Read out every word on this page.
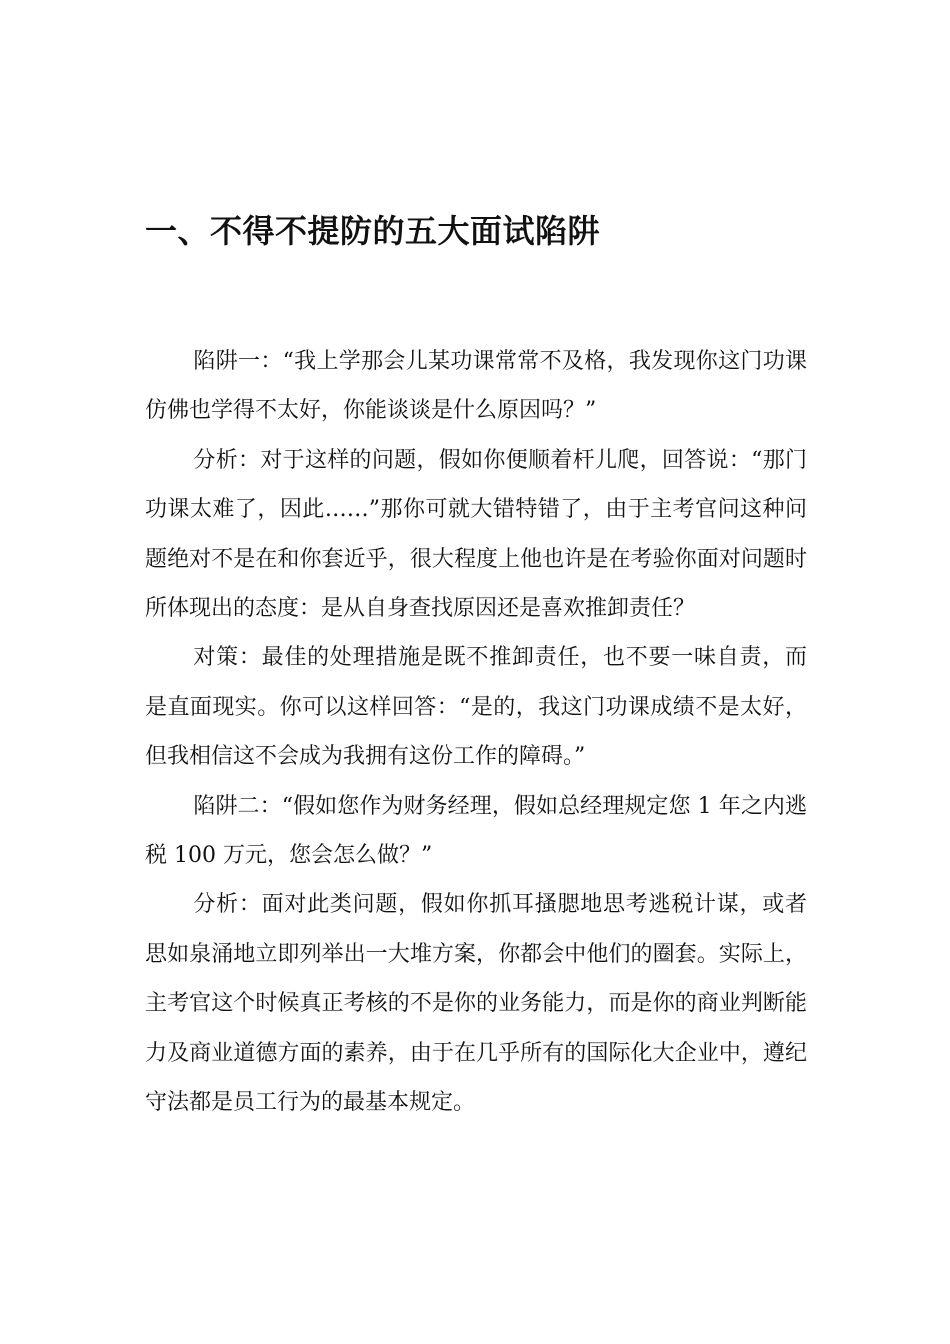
一、不得不提防的五大面试陷阱

陷阱一：“我上学那会儿某功课常常不及格，我发现你这门功课仿佛也学得不太好，你能谈谈是什么原因吗？”

分析：对于这样的问题，假如你便顺着杆儿爬，回答说：“那门功课太难了，因此……”那你可就大错特错了，由于主考官问这种问题绝对不是在和你套近乎，很大程度上他也许是在考验你面对问题时所体现出的态度：是从自身查找原因还是喜欢推卸责任？

对策：最佳的处理措施是既不推卸责任，也不要一味自责，而是直面现实。你可以这样回答：“是的，我这门功课成绩不是太好，但我相信这不会成为我拥有这份工作的障碍。”

陷阱二：“假如您作为财务经理，假如总经理规定您 1 年之内逃税 100 万元，您会怎么做？”

分析：面对此类问题，假如你抓耳搔腮地思考逃税计谋，或者思如泉涌地立即列举出一大堆方案，你都会中他们的圈套。实际上，主考官这个时候真正考核的不是你的业务能力，而是你的商业判断能力及商业道德方面的素养，由于在几乎所有的国际化大企业中，遵纪守法都是员工行为的最基本规定。
